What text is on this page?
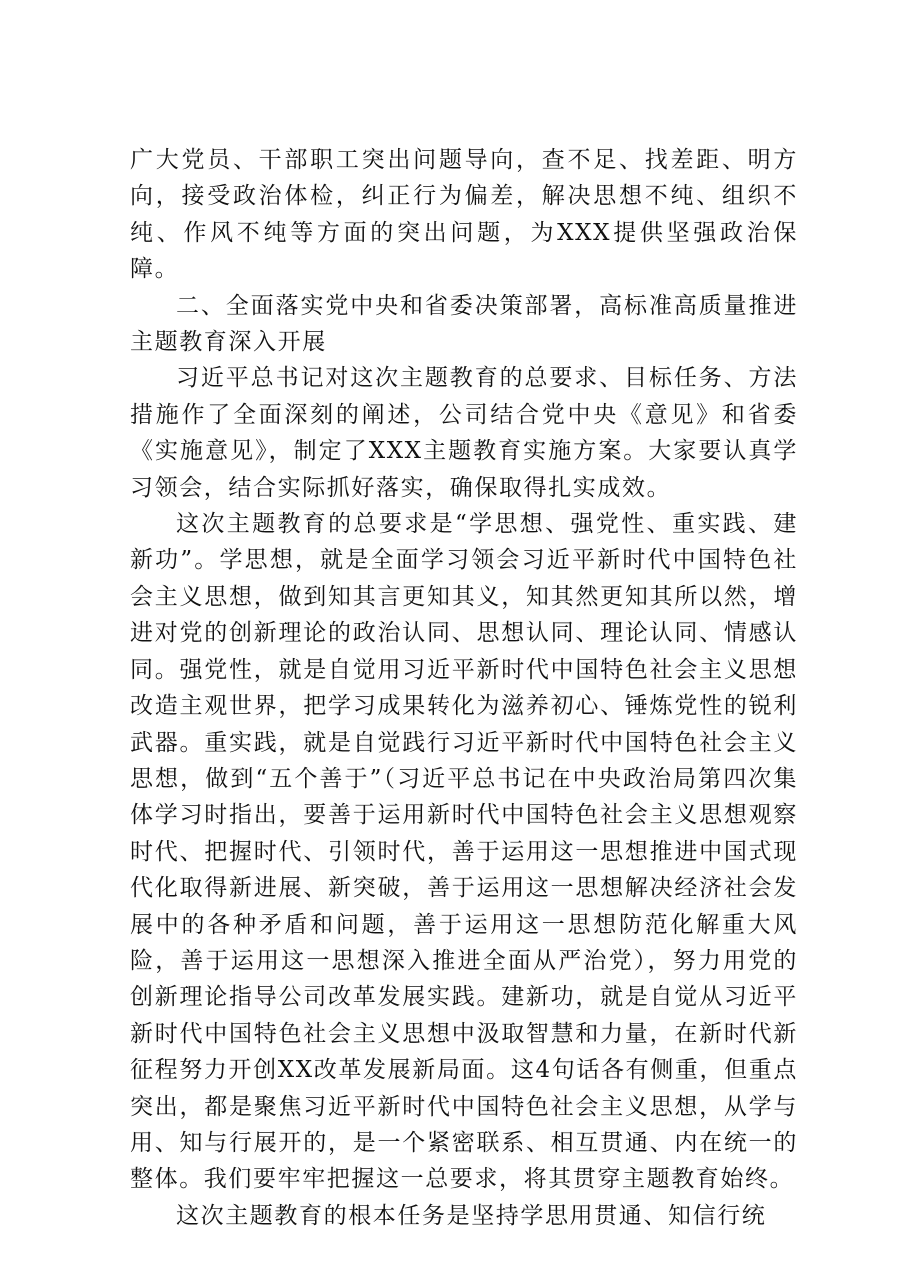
广大党员、干部职工突出问题导向，查不足、找差距、明方向，接受政治体检，纠正行为偏差，解决思想不纯、组织不纯、作风不纯等方面的突出问题，为XXX提供坚强政治保障。

二、全面落实党中央和省委决策部署，高标准高质量推进主题教育深入开展

习近平总书记对这次主题教育的总要求、目标任务、方法措施作了全面深刻的阐述，公司结合党中央《意见》和省委《实施意见》，制定了XXX主题教育实施方案。大家要认真学习领会，结合实际抓好落实，确保取得扎实成效。

这次主题教育的总要求是“学思想、强党性、重实践、建新功”。学思想，就是全面学习领会习近平新时代中国特色社会主义思想，做到知其言更知其义，知其然更知其所以然，增进对党的创新理论的政治认同、思想认同、理论认同、情感认同。强党性，就是自觉用习近平新时代中国特色社会主义思想改造主观世界，把学习成果转化为滋养初心、锤炼党性的锐利武器。重实践，就是自觉践行习近平新时代中国特色社会主义思想，做到“五个善于”（习近平总书记在中央政治局第四次集体学习时指出，要善于运用新时代中国特色社会主义思想观察时代、把握时代、引领时代，善于运用这一思想推进中国式现代化取得新进展、新突破，善于运用这一思想解决经济社会发展中的各种矛盾和问题，善于运用这一思想防范化解重大风险，善于运用这一思想深入推进全面从严治党），努力用党的创新理论指导公司改革发展实践。建新功，就是自觉从习近平新时代中国特色社会主义思想中汲取智慧和力量，在新时代新征程努力开创XX改革发展新局面。这4句话各有侧重，但重点突出，都是聚焦习近平新时代中国特色社会主义思想，从学与用、知与行展开的，是一个紧密联系、相互贯通、内在统一的整体。我们要牢牢把握这一总要求，将其贯穿主题教育始终。

这次主题教育的根本任务是坚持学思用贯通、知信行统
